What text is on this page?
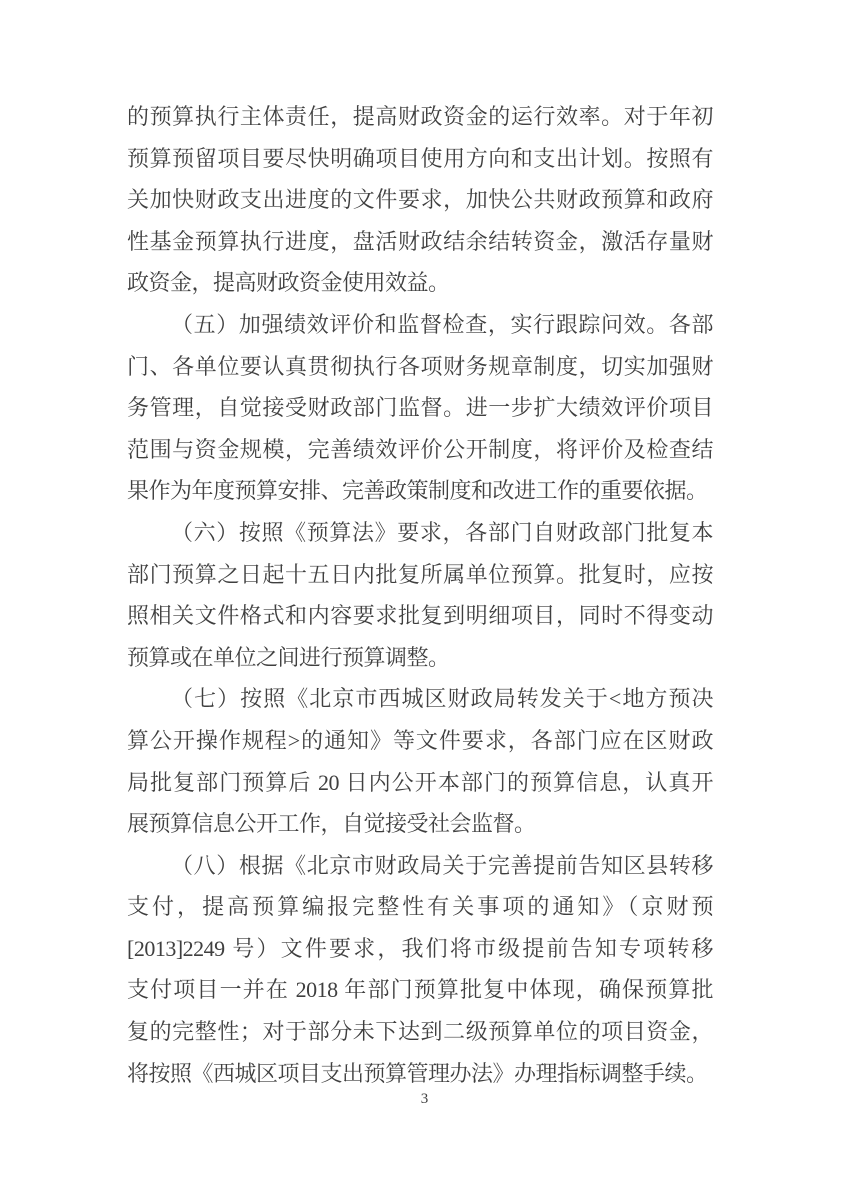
的预算执行主体责任，提高财政资金的运行效率。对于年初
预算预留项目要尽快明确项目使用方向和支出计划。按照有
关加快财政支出进度的文件要求，加快公共财政预算和政府
性基金预算执行进度，盘活财政结余结转资金，激活存量财
政资金，提高财政资金使用效益。
（五）加强绩效评价和监督检查，实行跟踪问效。各部
门、各单位要认真贯彻执行各项财务规章制度，切实加强财
务管理，自觉接受财政部门监督。进一步扩大绩效评价项目
范围与资金规模，完善绩效评价公开制度，将评价及检查结
果作为年度预算安排、完善政策制度和改进工作的重要依据。
（六）按照《预算法》要求，各部门自财政部门批复本
部门预算之日起十五日内批复所属单位预算。批复时，应按
照相关文件格式和内容要求批复到明细项目，同时不得变动
预算或在单位之间进行预算调整。
（七）按照《北京市西城区财政局转发关于<地方预决
算公开操作规程>的通知》等文件要求，各部门应在区财政
局批复部门预算后 20 日内公开本部门的预算信息，认真开
展预算信息公开工作，自觉接受社会监督。
（八）根据《北京市财政局关于完善提前告知区县转移
支付，提高预算编报完整性有关事项的通知》（京财预
[2013]2249 号）文件要求，我们将市级提前告知专项转移
支付项目一并在 2018 年部门预算批复中体现，确保预算批
复的完整性；对于部分未下达到二级预算单位的项目资金，
将按照《西城区项目支出预算管理办法》办理指标调整手续。
3
